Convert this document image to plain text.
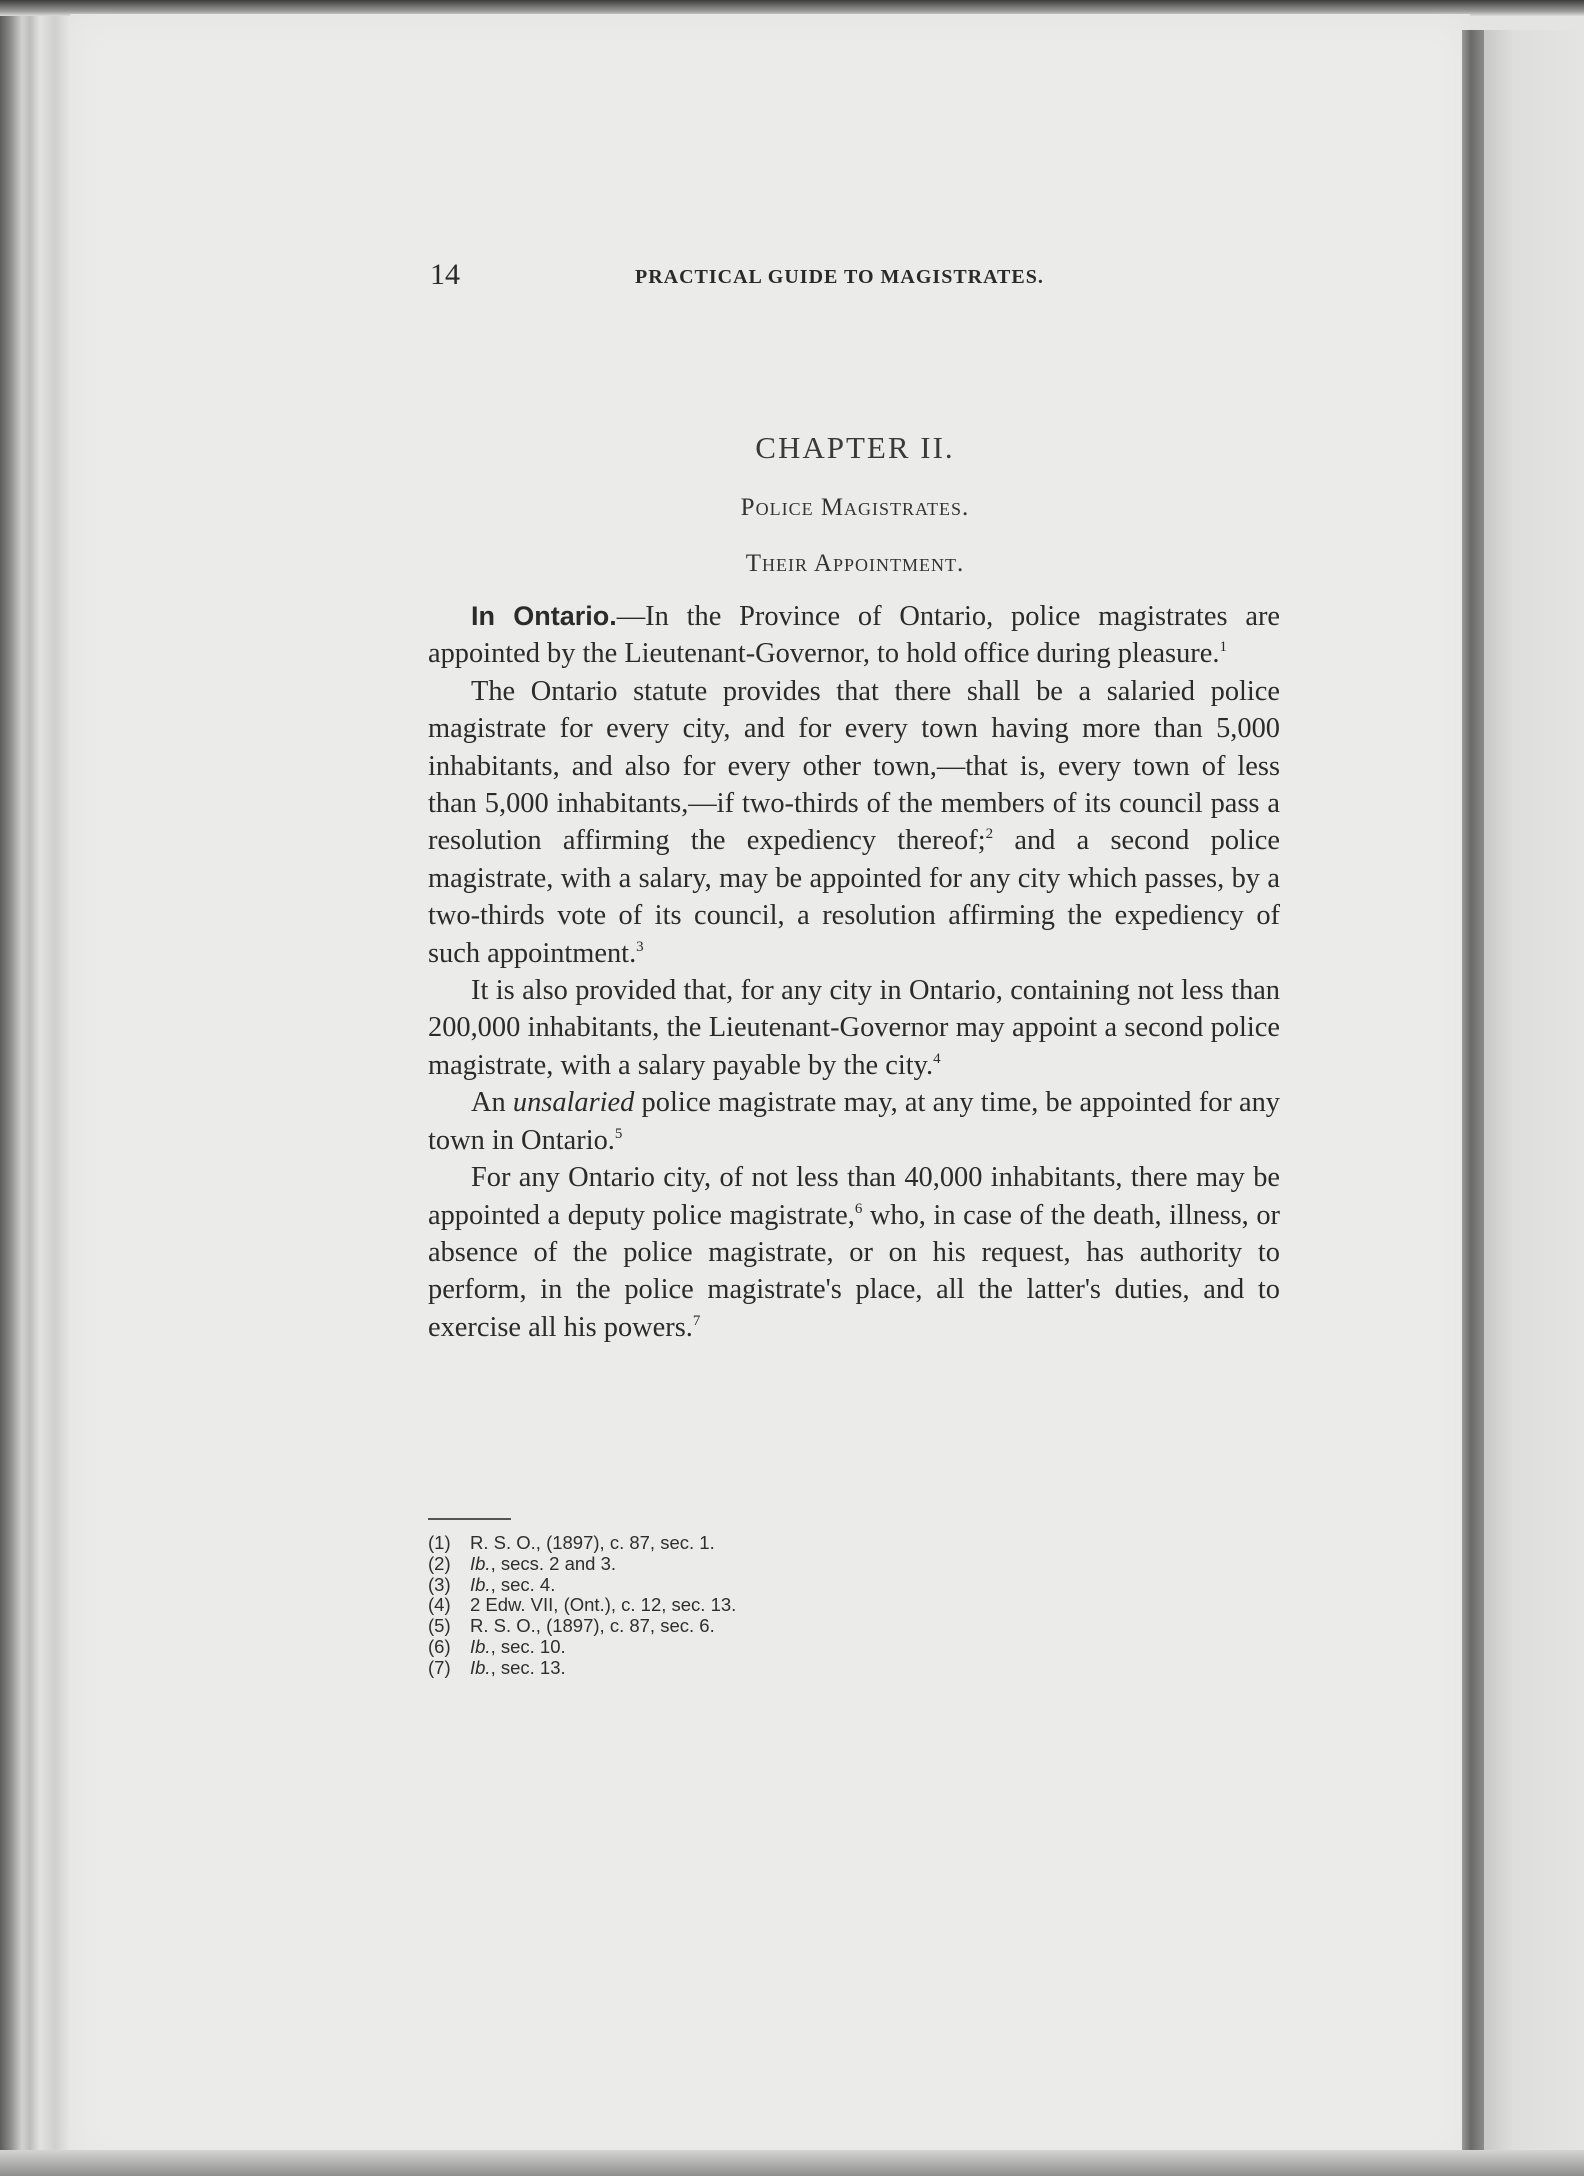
14	PRACTICAL GUIDE TO MAGISTRATES.
CHAPTER II.
Police Magistrates.
Their Appointment.

In Ontario.—In the Province of Ontario, police magistrates are appointed by the Lieutenant-Governor, to hold office during pleasure.$^1$

The Ontario statute provides that there shall be a salaried police magistrate for every city, and for every town having more than 5,000 inhabitants, and also for every other town,—that is, every town of less than 5,000 inhabitants,—if two-thirds of the members of its council pass a resolution affirming the expediency thereof;$^2$ and a second police magistrate, with a salary, may be appointed for any city which passes, by a two-thirds vote of its council, a resolution affirming the expediency of such appointment.$^3$

It is also provided that, for any city in Ontario, containing not less than 200,000 inhabitants, the Lieutenant-Governor may appoint a second police magistrate, with a salary payable by the city.$^4$

An unsalaried police magistrate may, at any time, be appointed for any town in Ontario.$^5$

For any Ontario city, of not less than 40,000 inhabitants, there may be appointed a deputy police magistrate,$^6$ who, in case of the death, illness, or absence of the police magistrate, or on his request, has authority to perform, in the police magistrate's place, all the latter's duties, and to exercise all his powers.$^7$

(1)	R. S. O., (1897), c. 87, sec. 1.
(2)	Ib., secs. 2 and 3.
(3)	Ib., sec. 4.
(4)	2 Edw. VII, (Ont.), c. 12, sec. 13.
(5)	R. S. O., (1897), c. 87, sec. 6.
(6)	Ib., sec. 10.
(7)	Ib., sec. 13.
